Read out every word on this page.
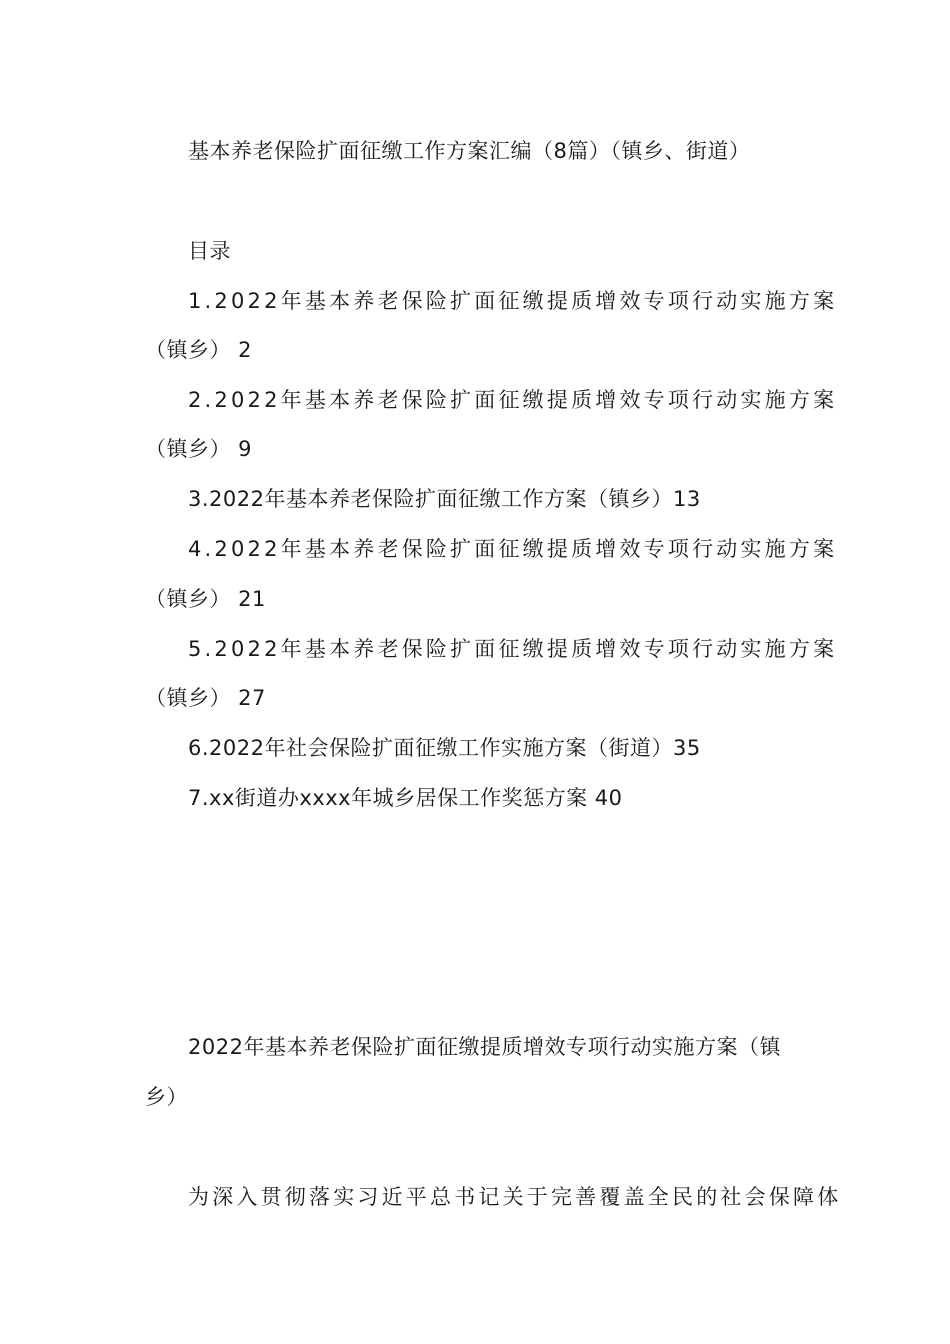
基本养老保险扩面征缴工作方案汇编（8篇）（镇乡、街道）
目录
1.2022年基本养老保险扩面征缴提质增效专项行动实施方案
（镇乡） 2
2.2022年基本养老保险扩面征缴提质增效专项行动实施方案
（镇乡） 9
3.2022年基本养老保险扩面征缴工作方案（镇乡）13
4.2022年基本养老保险扩面征缴提质增效专项行动实施方案
（镇乡） 21
5.2022年基本养老保险扩面征缴提质增效专项行动实施方案
（镇乡） 27
6.2022年社会保险扩面征缴工作实施方案（街道）35
7.xx街道办xxxx年城乡居保工作奖惩方案 40
2022年基本养老保险扩面征缴提质增效专项行动实施方案（镇
乡）
为深入贯彻落实习近平总书记关于完善覆盖全民的社会保障体
